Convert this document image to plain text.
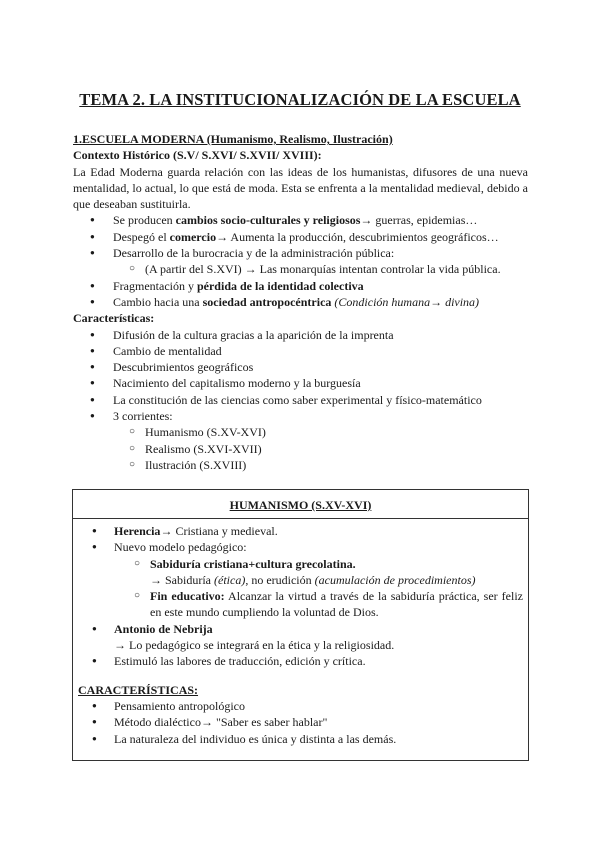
TEMA 2. LA INSTITUCIONALIZACIÓN DE LA ESCUELA
1.ESCUELA MODERNA (Humanismo, Realismo, Ilustración)
Contexto Histórico (S.V/ S.XVI/ S.XVII/ XVIII):
La Edad Moderna guarda relación con las ideas de los humanistas, difusores de una nueva mentalidad, lo actual, lo que está de moda. Esta se enfrenta a la mentalidad medieval, debido a que deseaban sustituirla.
● Se producen cambios socio-culturales y religiosos→ guerras, epidemias…
● Despegó el comercio→ Aumenta la producción, descubrimientos geográficos…
● Desarrollo de la burocracia y de la administración pública:
○ (A partir del S.XVI) → Las monarquías intentan controlar la vida pública.
● Fragmentación y pérdida de la identidad colectiva
● Cambio hacia una sociedad antropocéntrica (Condición humana→ divina)
Características:
● Difusión de la cultura gracias a la aparición de la imprenta
● Cambio de mentalidad
● Descubrimientos geográficos
● Nacimiento del capitalismo moderno y la burguesía
● La constitución de las ciencias como saber experimental y físico-matemático
● 3 corrientes:
○ Humanismo (S.XV-XVI)
○ Realismo (S.XVI-XVII)
○ Ilustración (S.XVIII)
HUMANISMO (S.XV-XVI)
● Herencia→ Cristiana y medieval.
● Nuevo modelo pedagógico:
○ Sabiduría cristiana+cultura grecolatina.
→ Sabiduría (ética), no erudición (acumulación de procedimientos)
○ Fin educativo: Alcanzar la virtud a través de la sabiduría práctica, ser feliz en este mundo cumpliendo la voluntad de Dios.
● Antonio de Nebrija
→ Lo pedagógico se integrará en la ética y la religiosidad.
● Estimuló las labores de traducción, edición y crítica.
CARACTERÍSTICAS:
● Pensamiento antropológico
● Método dialéctico→ "Saber es saber hablar"
● La naturaleza del individuo es única y distinta a las demás.
